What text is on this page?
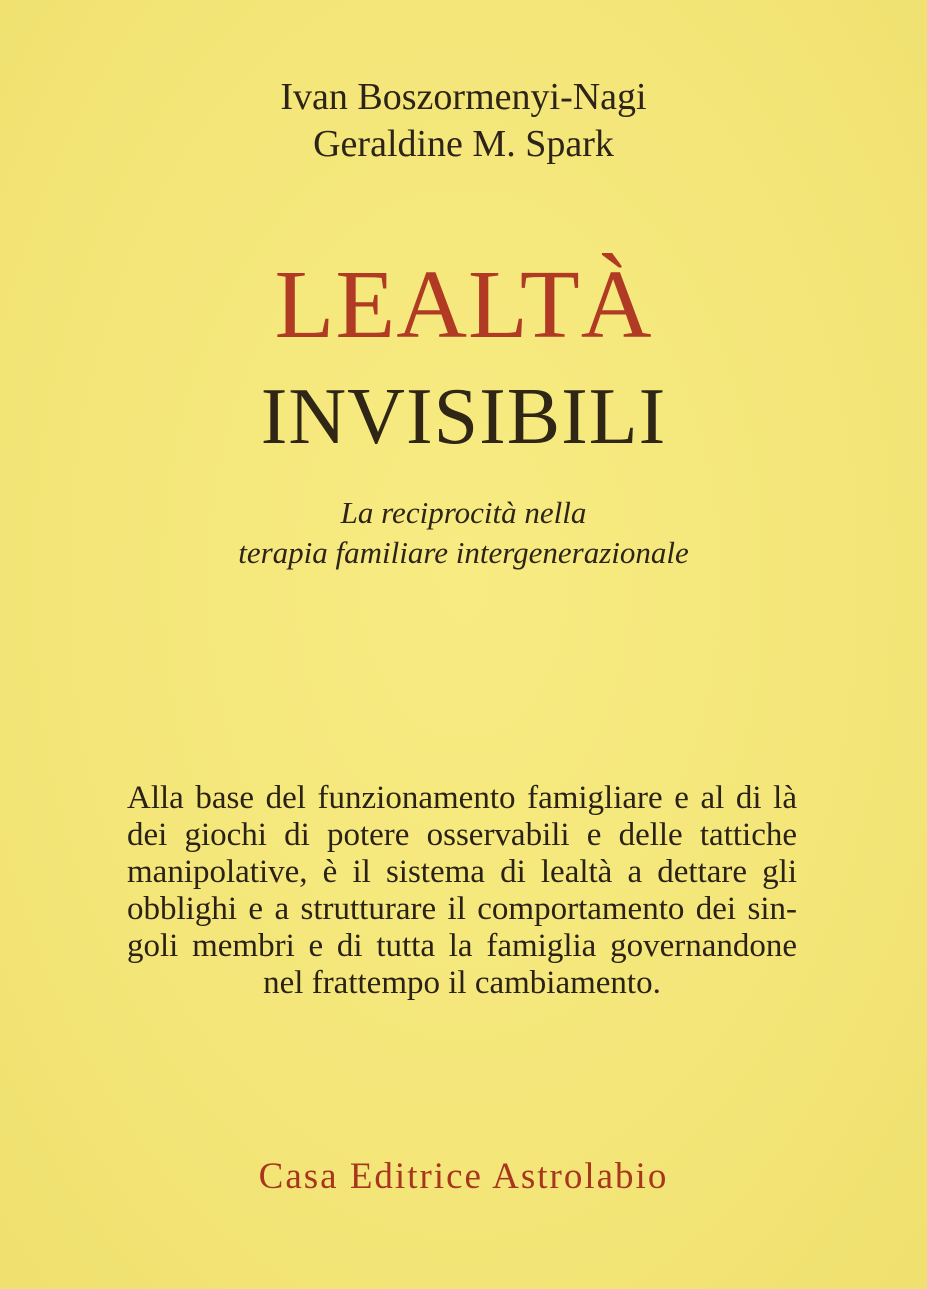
Ivan Boszormenyi-Nagi
Geraldine M. Spark
LEALTÀ
INVISIBILI
La reciprocità nella
terapia familiare intergenerazionale
Alla base del funzionamento famigliare e al di là
dei giochi di potere osservabili e delle tattiche
manipolative, è il sistema di lealtà a dettare gli
obblighi e a strutturare il comportamento dei sin-
goli membri e di tutta la famiglia governandone
nel frattempo il cambiamento.
Casa Editrice Astrolabio
